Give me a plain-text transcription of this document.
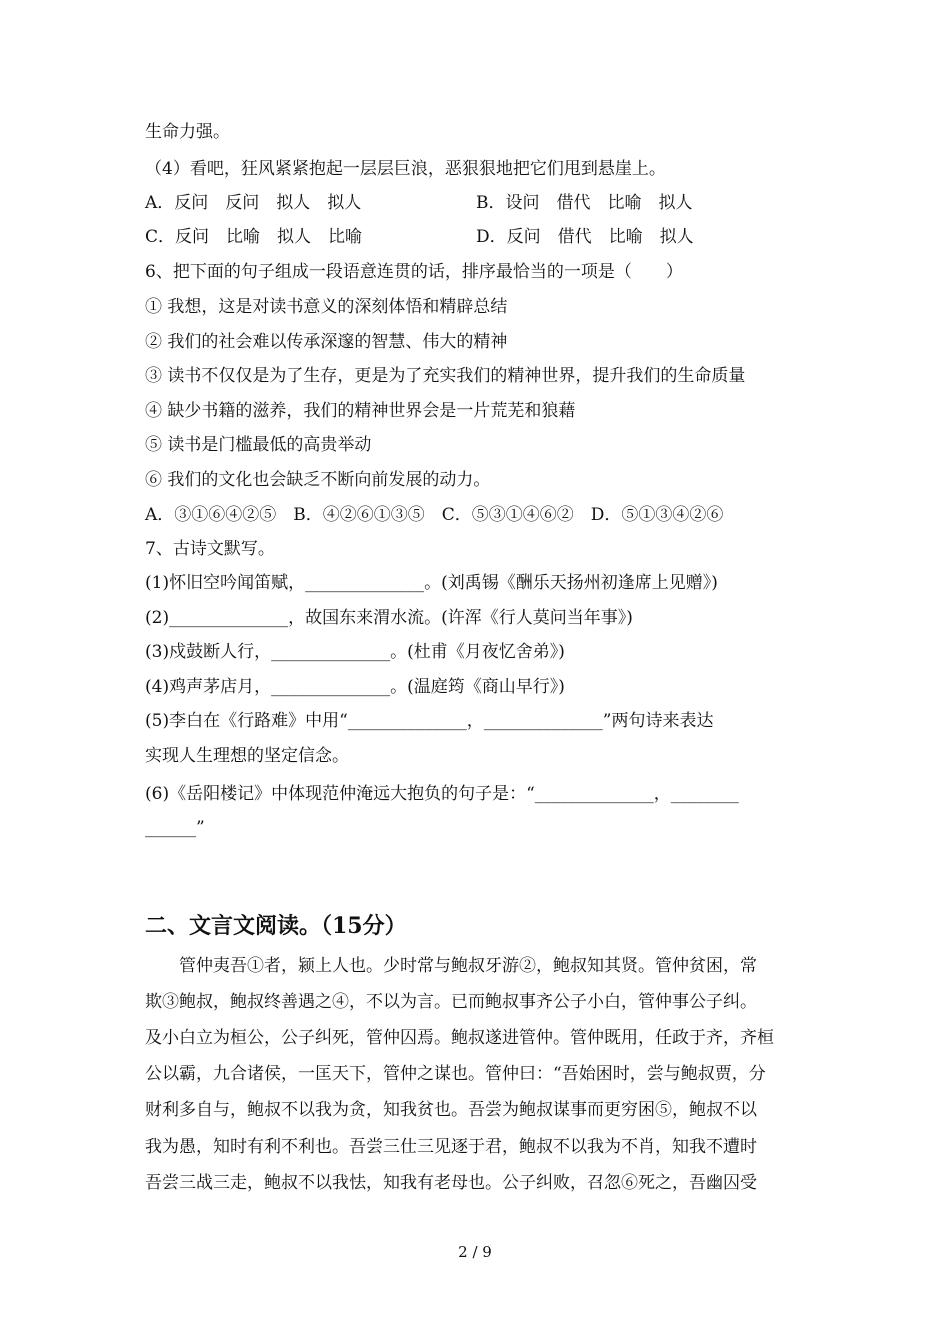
生命力强。
（4）看吧，狂风紧紧抱起一层层巨浪，恶狠狠地把它们甩到悬崖上。
A．反问　反问　拟人　拟人	B．设问　借代　比喻　拟人
C．反问　比喻　拟人　比喻	D．反问　借代　比喻　拟人
6、把下面的句子组成一段语意连贯的话，排序最恰当的一项是（　　）
① 我想，这是对读书意义的深刻体悟和精辟总结
② 我们的社会难以传承深邃的智慧、伟大的精神
③ 读书不仅仅是为了生存，更是为了充实我们的精神世界，提升我们的生命质量
④ 缺少书籍的滋养，我们的精神世界会是一片荒芜和狼藉
⑤ 读书是门槛最低的高贵举动
⑥ 我们的文化也会缺乏不断向前发展的动力。
A．③①⑥④②⑤　B．④②⑥①③⑤　C．⑤③①④⑥②　D．⑤①③④②⑥
7、古诗文默写。
(1)怀旧空吟闻笛赋，______________。(刘禹锡《酬乐天扬州初逢席上见赠》)
(2)______________，故国东来渭水流。(许浑《行人莫问当年事》)
(3)戍鼓断人行，______________。(杜甫《月夜忆舍弟》)
(4)鸡声茅店月，______________。(温庭筠《商山早行》)
(5)李白在《行路难》中用“______________，______________”两句诗来表达
实现人生理想的坚定信念。
(6)《岳阳楼记》中体现范仲淹远大抱负的句子是：“______________，________
______”
二、文言文阅读。（15分）
　　管仲夷吾①者，颍上人也。少时常与鲍叔牙游②，鲍叔知其贤。管仲贫困，常
欺③鲍叔，鲍叔终善遇之④，不以为言。已而鲍叔事齐公子小白，管仲事公子纠。
及小白立为桓公，公子纠死，管仲囚焉。鲍叔遂进管仲。管仲既用，任政于齐，齐桓
公以霸，九合诸侯，一匡天下，管仲之谋也。管仲曰：“吾始困时，尝与鲍叔贾，分
财利多自与，鲍叔不以我为贪，知我贫也。吾尝为鲍叔谋事而更穷困⑤，鲍叔不以
我为愚，知时有利不利也。吾尝三仕三见逐于君，鲍叔不以我为不肖，知我不遭时
吾尝三战三走，鲍叔不以我怯，知我有老母也。公子纠败，召忽⑥死之，吾幽囚受
2 / 9
